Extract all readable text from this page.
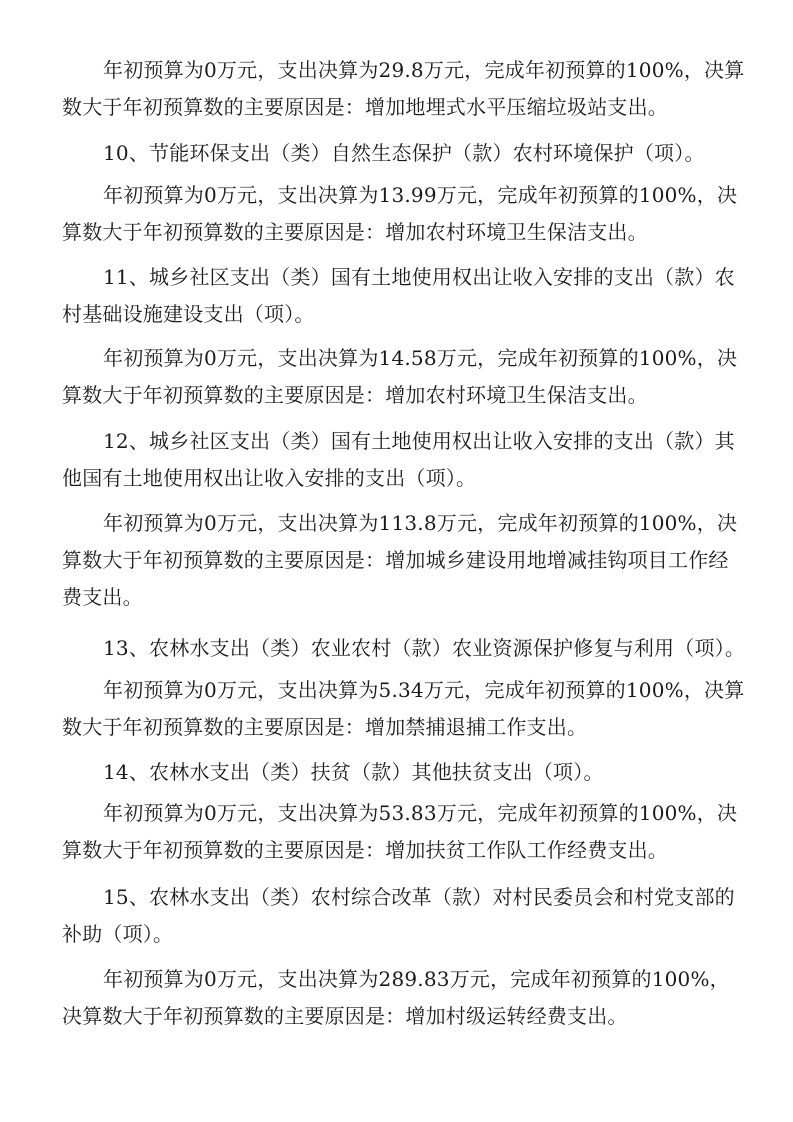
年初预算为0万元，支出决算为29.8万元，完成年初预算的100%，决算数大于年初预算数的主要原因是：增加地埋式水平压缩垃圾站支出。

10、节能环保支出（类）自然生态保护（款）农村环境保护（项）。

年初预算为0万元，支出决算为13.99万元，完成年初预算的100%，决算数大于年初预算数的主要原因是：增加农村环境卫生保洁支出。

11、城乡社区支出（类）国有土地使用权出让收入安排的支出（款）农村基础设施建设支出（项）。

年初预算为0万元，支出决算为14.58万元，完成年初预算的100%，决算数大于年初预算数的主要原因是：增加农村环境卫生保洁支出。

12、城乡社区支出（类）国有土地使用权出让收入安排的支出（款）其他国有土地使用权出让收入安排的支出（项）。

年初预算为0万元，支出决算为113.8万元，完成年初预算的100%，决算数大于年初预算数的主要原因是：增加城乡建设用地增减挂钩项目工作经费支出。

13、农林水支出（类）农业农村（款）农业资源保护修复与利用（项）。

年初预算为0万元，支出决算为5.34万元，完成年初预算的100%，决算数大于年初预算数的主要原因是：增加禁捕退捕工作支出。

14、农林水支出（类）扶贫（款）其他扶贫支出（项）。

年初预算为0万元，支出决算为53.83万元，完成年初预算的100%，决算数大于年初预算数的主要原因是：增加扶贫工作队工作经费支出。

15、农林水支出（类）农村综合改革（款）对村民委员会和村党支部的补助（项）。

年初预算为0万元，支出决算为289.83万元，完成年初预算的100%，决算数大于年初预算数的主要原因是：增加村级运转经费支出。
